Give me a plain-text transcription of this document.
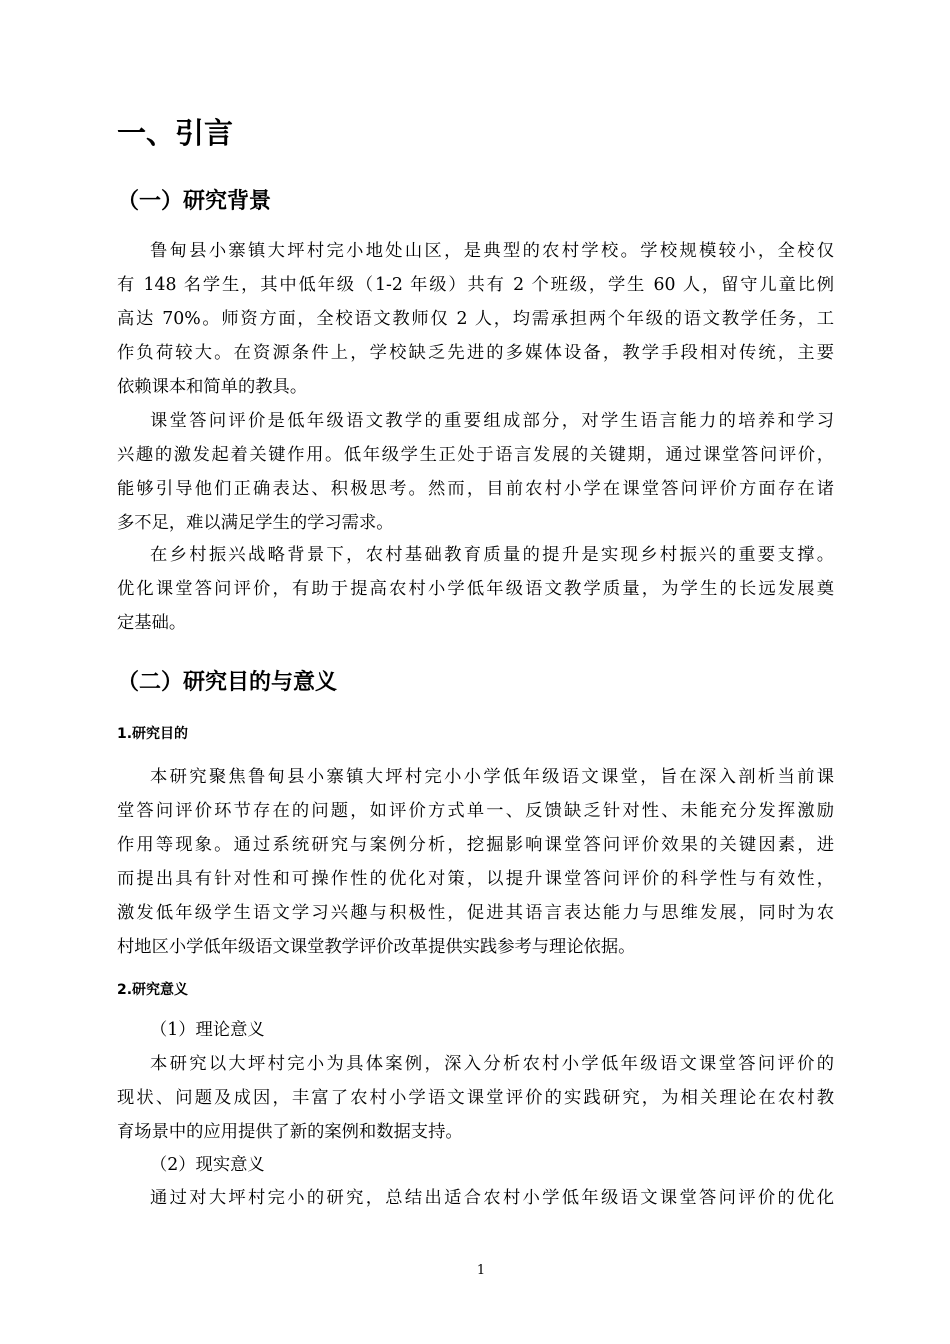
一、引言
（一）研究背景
鲁甸县小寨镇大坪村完小地处山区，是典型的农村学校。学校规模较小，全校仅
有 148 名学生，其中低年级（1-2 年级）共有 2 个班级，学生 60 人，留守儿童比例
高达 70%。师资方面，全校语文教师仅 2 人，均需承担两个年级的语文教学任务，工
作负荷较大。在资源条件上，学校缺乏先进的多媒体设备，教学手段相对传统，主要
依赖课本和简单的教具。
课堂答问评价是低年级语文教学的重要组成部分，对学生语言能力的培养和学习
兴趣的激发起着关键作用。低年级学生正处于语言发展的关键期，通过课堂答问评价，
能够引导他们正确表达、积极思考。然而，目前农村小学在课堂答问评价方面存在诸
多不足，难以满足学生的学习需求。
在乡村振兴战略背景下，农村基础教育质量的提升是实现乡村振兴的重要支撑。
优化课堂答问评价，有助于提高农村小学低年级语文教学质量，为学生的长远发展奠
定基础。
（二）研究目的与意义
1.研究目的
本研究聚焦鲁甸县小寨镇大坪村完小小学低年级语文课堂，旨在深入剖析当前课
堂答问评价环节存在的问题，如评价方式单一、反馈缺乏针对性、未能充分发挥激励
作用等现象。通过系统研究与案例分析，挖掘影响课堂答问评价效果的关键因素，进
而提出具有针对性和可操作性的优化对策，以提升课堂答问评价的科学性与有效性，
激发低年级学生语文学习兴趣与积极性，促进其语言表达能力与思维发展，同时为农
村地区小学低年级语文课堂教学评价改革提供实践参考与理论依据。
2.研究意义

（1）理论意义

本研究以大坪村完小为具体案例，深入分析农村小学低年级语文课堂答问评价的
现状、问题及成因，丰富了农村小学语文课堂评价的实践研究，为相关理论在农村教
育场景中的应用提供了新的案例和数据支持。

（2）现实意义

通过对大坪村完小的研究，总结出适合农村小学低年级语文课堂答问评价的优化
1
